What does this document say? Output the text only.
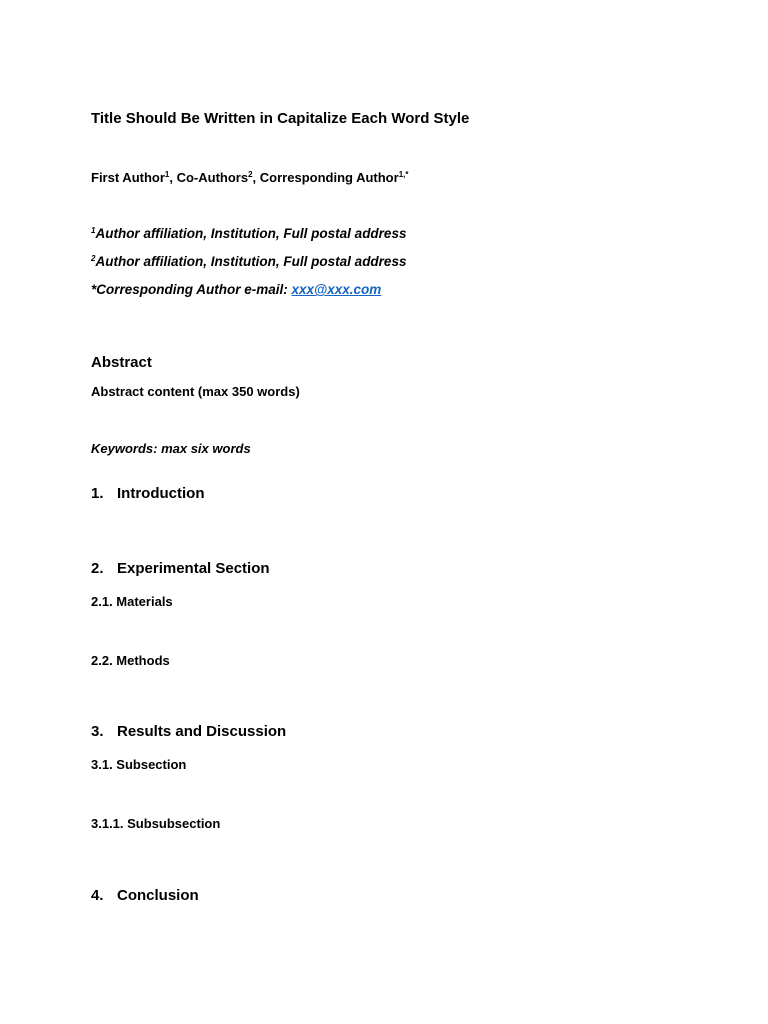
Title Should Be Written in Capitalize Each Word Style
First Author$^1$, Co-Authors$^2$, Corresponding Author$^{1,*}$
$^1$Author affiliation, Institution, Full postal address
$^2$Author affiliation, Institution, Full postal address
*Corresponding Author e-mail: xxx@xxx.com
Abstract
Abstract content (max 350 words)
Keywords: max six words
1. Introduction
2. Experimental Section
2.1. Materials
2.2. Methods
3. Results and Discussion
3.1. Subsection
3.1.1. Subsubsection
4. Conclusion
